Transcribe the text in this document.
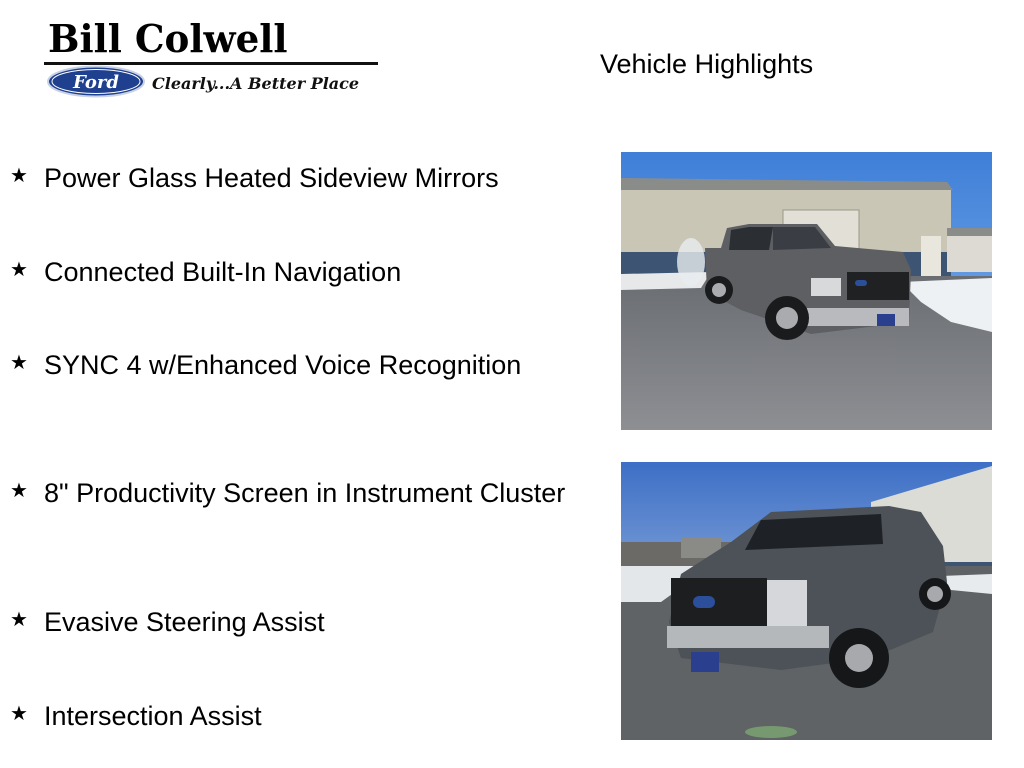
Bill Colwell
Ford Clearly...A Better Place
Vehicle Highlights
★ Power Glass Heated Sideview Mirrors
★ Connected Built-In Navigation
★ SYNC 4 w/Enhanced Voice Recognition
★ 8" Productivity Screen in Instrument Cluster
★ Evasive Steering Assist
★ Intersection Assist
